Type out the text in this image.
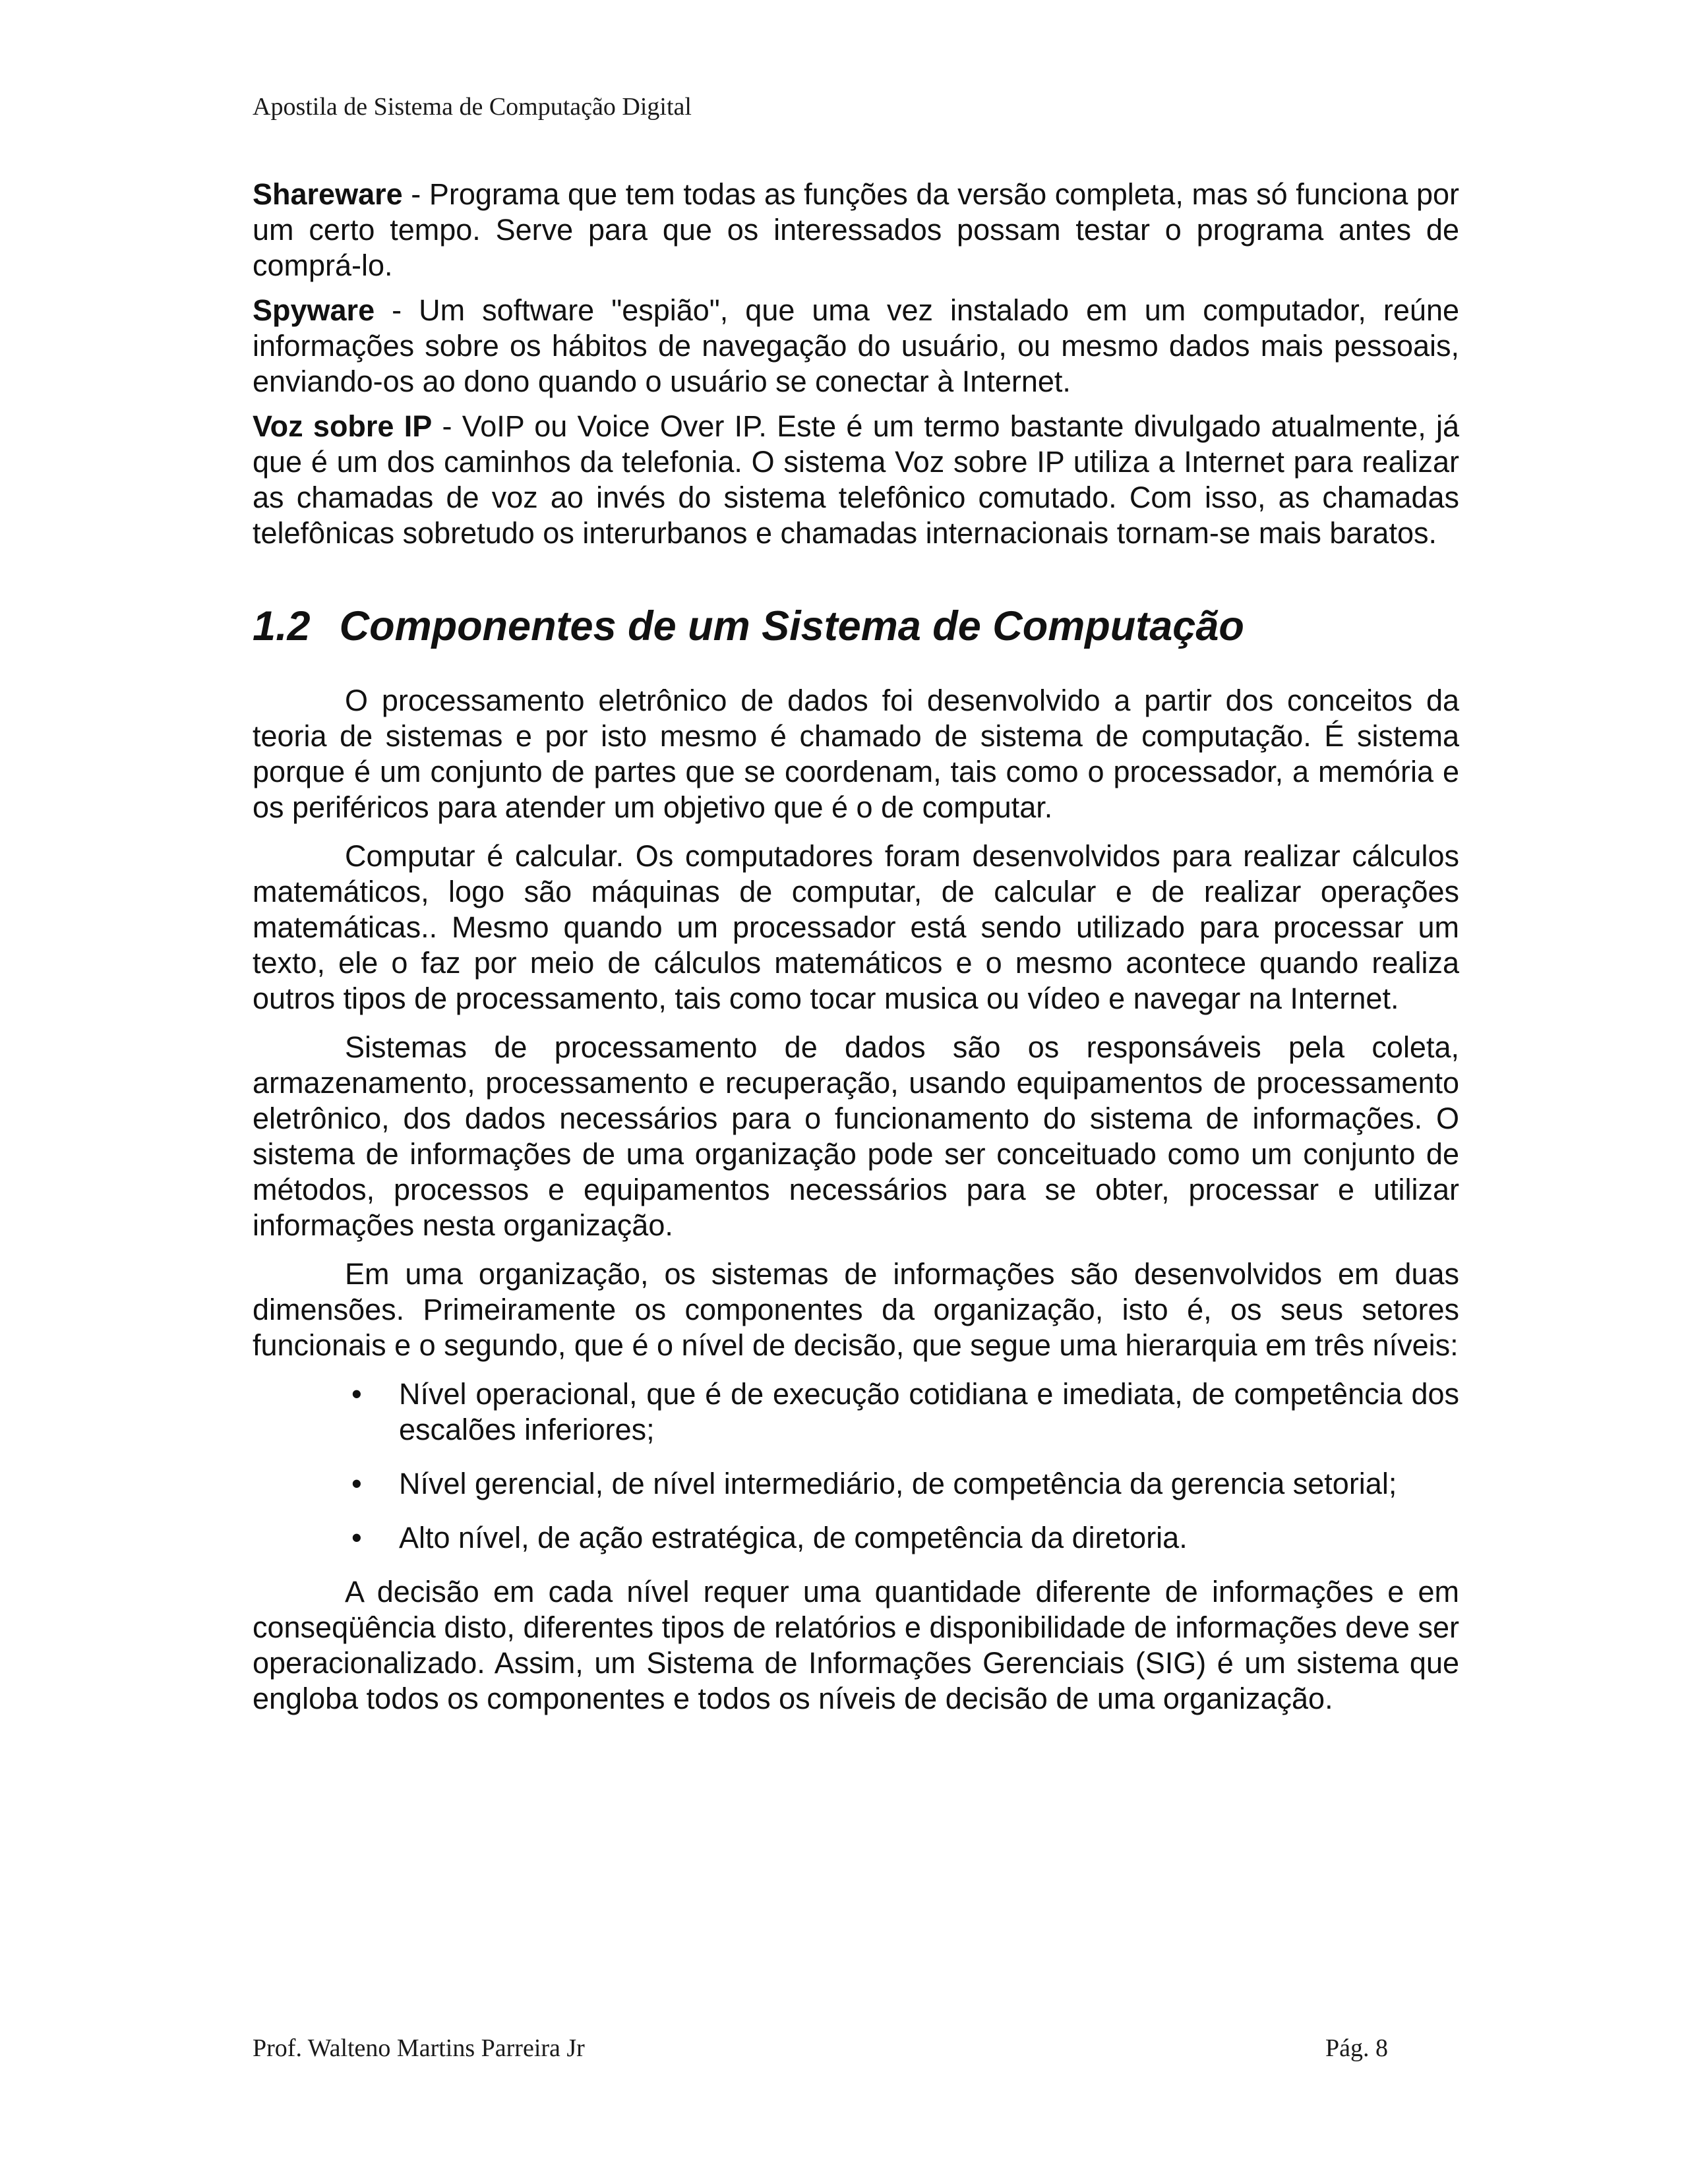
Apostila de Sistema de Computação Digital

Shareware - Programa que tem todas as funções da versão completa, mas só funciona por um certo tempo. Serve para que os interessados possam testar o programa antes de comprá-lo.

Spyware - Um software "espião", que uma vez instalado em um computador, reúne informações sobre os hábitos de navegação do usuário, ou mesmo dados mais pessoais, enviando-os ao dono quando o usuário se conectar à Internet.

Voz sobre IP - VoIP ou Voice Over IP. Este é um termo bastante divulgado atualmente, já que é um dos caminhos da telefonia. O sistema Voz sobre IP utiliza a Internet para realizar as chamadas de voz ao invés do sistema telefônico comutado. Com isso, as chamadas telefônicas sobretudo os interurbanos e chamadas internacionais tornam-se mais baratos.

1.2 Componentes de um Sistema de Computação

O processamento eletrônico de dados foi desenvolvido a partir dos conceitos da teoria de sistemas e por isto mesmo é chamado de sistema de computação. É sistema porque é um conjunto de partes que se coordenam, tais como o processador, a memória e os periféricos para atender um objetivo que é o de computar.

Computar é calcular. Os computadores foram desenvolvidos para realizar cálculos matemáticos, logo são máquinas de computar, de calcular e de realizar operações matemáticas.. Mesmo quando um processador está sendo utilizado para processar um texto, ele o faz por meio de cálculos matemáticos e o mesmo acontece quando realiza outros tipos de processamento, tais como tocar musica ou vídeo e navegar na Internet.

Sistemas de processamento de dados são os responsáveis pela coleta, armazenamento, processamento e recuperação, usando equipamentos de processamento eletrônico, dos dados necessários para o funcionamento do sistema de informações. O sistema de informações de uma organização pode ser conceituado como um conjunto de métodos, processos e equipamentos necessários para se obter, processar e utilizar informações nesta organização.

Em uma organização, os sistemas de informações são desenvolvidos em duas dimensões. Primeiramente os componentes da organização, isto é, os seus setores funcionais e o segundo, que é o nível de decisão, que segue uma hierarquia em três níveis:

• Nível operacional, que é de execução cotidiana e imediata, de competência dos escalões inferiores;
• Nível gerencial, de nível intermediário, de competência da gerencia setorial;
• Alto nível, de ação estratégica, de competência da diretoria.

A decisão em cada nível requer uma quantidade diferente de informações e em conseqüência disto, diferentes tipos de relatórios e disponibilidade de informações deve ser operacionalizado. Assim, um Sistema de Informações Gerenciais (SIG) é um sistema que engloba todos os componentes e todos os níveis de decisão de uma organização.

Prof. Walteno Martins Parreira Jr	Pág. 8
